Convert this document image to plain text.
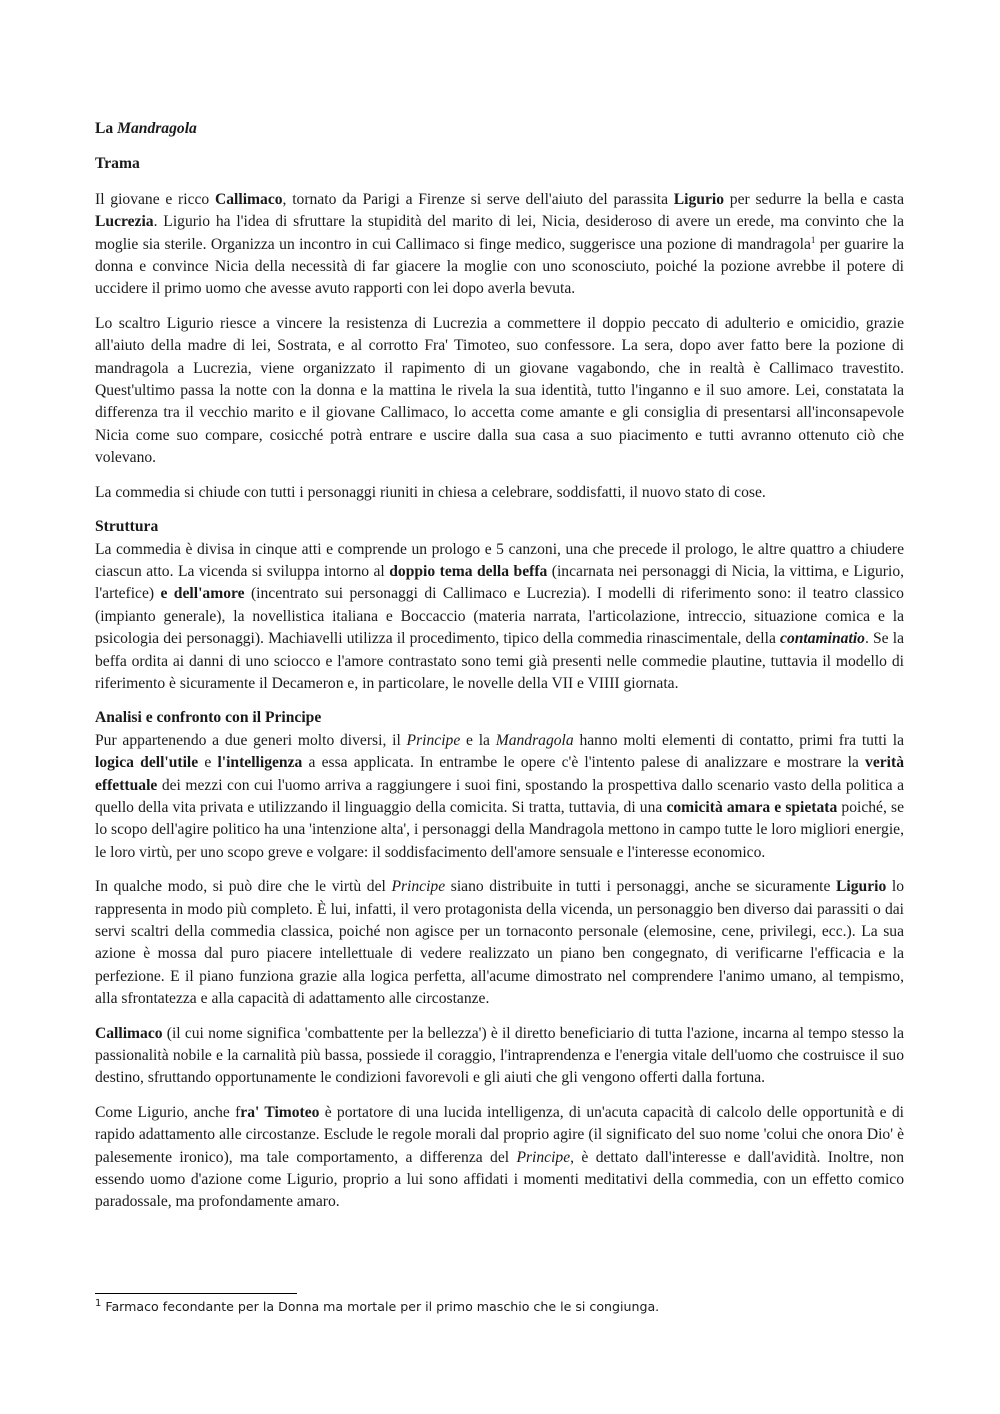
La Mandragola
Trama

Il giovane e ricco Callimaco, tornato da Parigi a Firenze si serve dell'aiuto del parassita Ligurio per sedurre la bella e casta Lucrezia. Ligurio ha l'idea di sfruttare la stupidità del marito di lei, Nicia, desideroso di avere un erede, ma convinto che la moglie sia sterile. Organizza un incontro in cui Callimaco si finge medico, suggerisce una pozione di mandragola$^1$ per guarire la donna e convince Nicia della necessità di far giacere la moglie con uno sconosciuto, poiché la pozione avrebbe il potere di uccidere il primo uomo che avesse avuto rapporti con lei dopo averla bevuta.

Lo scaltro Ligurio riesce a vincere la resistenza di Lucrezia a commettere il doppio peccato di adulterio e omicidio, grazie all'aiuto della madre di lei, Sostrata, e al corrotto Fra' Timoteo, suo confessore. La sera, dopo aver fatto bere la pozione di mandragola a Lucrezia, viene organizzato il rapimento di un giovane vagabondo, che in realtà è Callimaco travestito. Quest'ultimo passa la notte con la donna e la mattina le rivela la sua identità, tutto l'inganno e il suo amore. Lei, constatata la differenza tra il vecchio marito e il giovane Callimaco, lo accetta come amante e gli consiglia di presentarsi all'inconsapevole Nicia come suo compare, cosicché potrà entrare e uscire dalla sua casa a suo piacimento e tutti avranno ottenuto ciò che volevano.

La commedia si chiude con tutti i personaggi riuniti in chiesa a celebrare, soddisfatti, il nuovo stato di cose.

Struttura

La commedia è divisa in cinque atti e comprende un prologo e 5 canzoni, una che precede il prologo, le altre quattro a chiudere ciascun atto. La vicenda si sviluppa intorno al doppio tema della beffa (incarnata nei personaggi di Nicia, la vittima, e Ligurio, l'artefice) e dell'amore (incentrato sui personaggi di Callimaco e Lucrezia). I modelli di riferimento sono: il teatro classico (impianto generale), la novellistica italiana e Boccaccio (materia narrata, l'articolazione, intreccio, situazione comica e la psicologia dei personaggi). Machiavelli utilizza il procedimento, tipico della commedia rinascimentale, della contaminatio. Se la beffa ordita ai danni di uno sciocco e l'amore contrastato sono temi già presenti nelle commedie plautine, tuttavia il modello di riferimento è sicuramente il Decameron e, in particolare, le novelle della VII e VIIII giornata.

Analisi e confronto con il Principe

Pur appartenendo a due generi molto diversi, il Principe e la Mandragola hanno molti elementi di contatto, primi fra tutti la logica dell'utile e l'intelligenza a essa applicata. In entrambe le opere c'è l'intento palese di analizzare e mostrare la verità effettuale dei mezzi con cui l'uomo arriva a raggiungere i suoi fini, spostando la prospettiva dallo scenario vasto della politica a quello della vita privata e utilizzando il linguaggio della comicita. Si tratta, tuttavia, di una comicità amara e spietata poiché, se lo scopo dell'agire politico ha una 'intenzione alta', i personaggi della Mandragola mettono in campo tutte le loro migliori energie, le loro virtù, per uno scopo greve e volgare: il soddisfacimento dell'amore sensuale e l'interesse economico.

In qualche modo, si può dire che le virtù del Principe siano distribuite in tutti i personaggi, anche se sicuramente Ligurio lo rappresenta in modo più completo. È lui, infatti, il vero protagonista della vicenda, un personaggio ben diverso dai parassiti o dai servi scaltri della commedia classica, poiché non agisce per un tornaconto personale (elemosine, cene, privilegi, ecc.). La sua azione è mossa dal puro piacere intellettuale di vedere realizzato un piano ben congegnato, di verificarne l'efficacia e la perfezione. E il piano funziona grazie alla logica perfetta, all'acume dimostrato nel comprendere l'animo umano, al tempismo, alla sfrontatezza e alla capacità di adattamento alle circostanze.

Callimaco (il cui nome significa 'combattente per la bellezza') è il diretto beneficiario di tutta l'azione, incarna al tempo stesso la passionalità nobile e la carnalità più bassa, possiede il coraggio, l'intraprendenza e l'energia vitale dell'uomo che costruisce il suo destino, sfruttando opportunamente le condizioni favorevoli e gli aiuti che gli vengono offerti dalla fortuna.

Come Ligurio, anche fra' Timoteo è portatore di una lucida intelligenza, di un'acuta capacità di calcolo delle opportunità e di rapido adattamento alle circostanze. Esclude le regole morali dal proprio agire (il significato del suo nome 'colui che onora Dio' è palesemente ironico), ma tale comportamento, a differenza del Principe, è dettato dall'interesse e dall'avidità. Inoltre, non essendo uomo d'azione come Ligurio, proprio a lui sono affidati i momenti meditativi della commedia, con un effetto comico paradossale, ma profondamente amaro.

$^1$ Farmaco fecondante per la Donna ma mortale per il primo maschio che le si congiunga.
